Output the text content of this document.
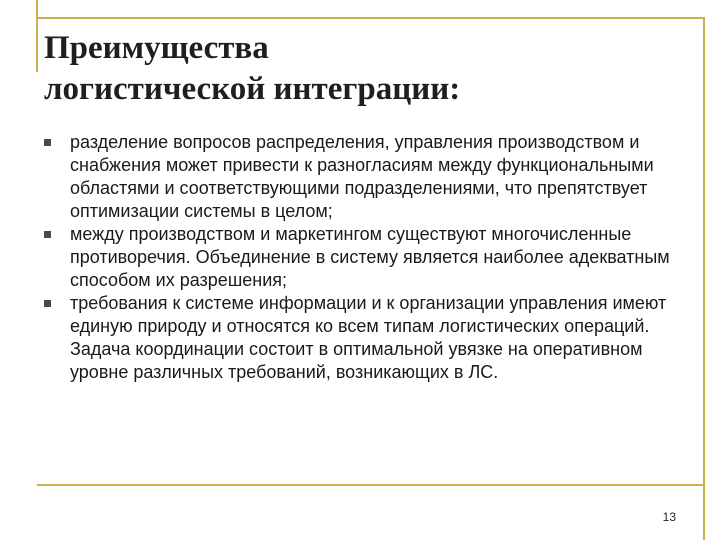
Преимущества
логистической интеграции:
разделение вопросов распределения, управления производством и снабжения может привести к разногласиям между функциональными областями и соответствующими подразделениями, что препятствует оптимизации системы в целом;
между производством и маркетингом существуют многочисленные противоречия. Объединение в систему является наиболее адекватным способом их разрешения;
требования к системе информации и к организации управления имеют единую природу и относятся ко всем типам логистических операций. Задача координации состоит в оптимальной увязке на оперативном уровне различных требований, возникающих в ЛС.
13
